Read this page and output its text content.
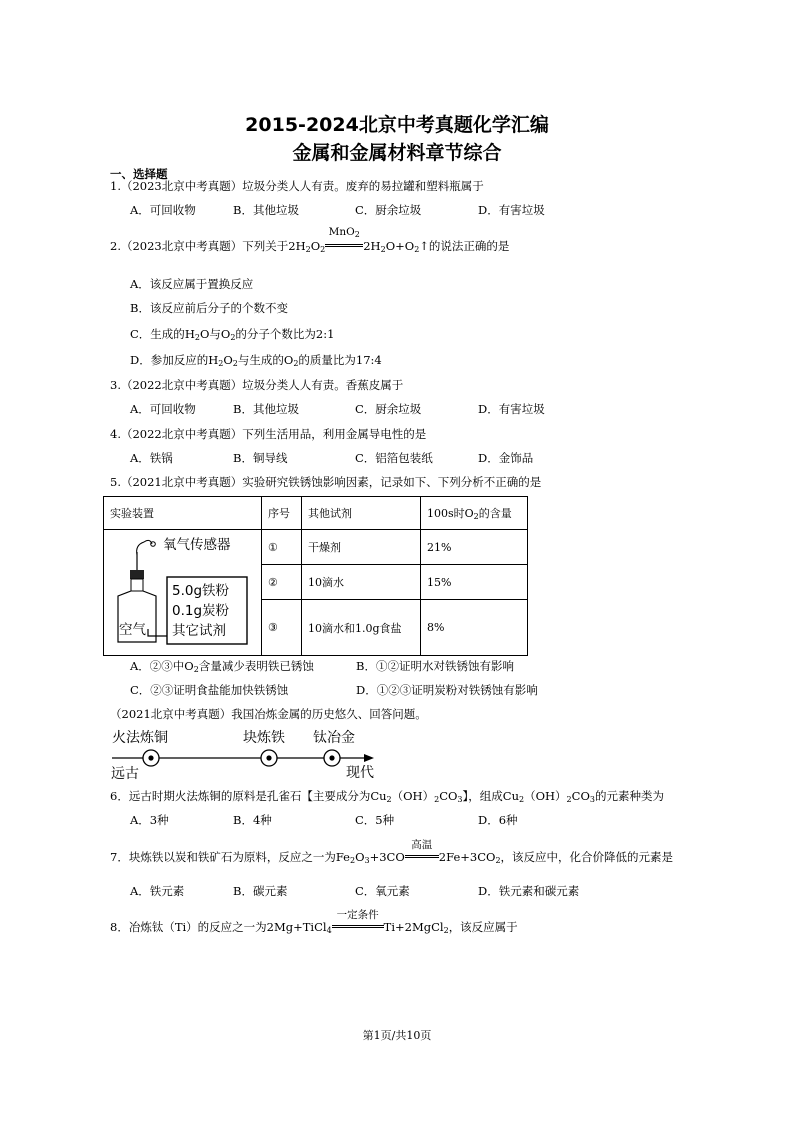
2015-2024北京中考真题化学汇编
金属和金属材料章节综合
一、选择题
1.（2023北京中考真题）垃圾分类人人有责。废弃的易拉罐和塑料瓶属于
A．可回收物	B．其他垃圾	C．厨余垃圾	D．有害垃圾
2.（2023北京中考真题）下列关于$2H_2O_2$
MnO$_2$
$2H_2O+O_2↑$的说法正确的是
A．该反应属于置换反应
B．该反应前后分子的个数不变
C．生成的$H_2O$与$O_2$的分子个数比为2:1
D．参加反应的$H_2O_2$与生成的$O_2$的质量比为17:4
3.（2022北京中考真题）垃圾分类人人有责。香蕉皮属于
A．可回收物	B．其他垃圾	C．厨余垃圾	D．有害垃圾
4.（2022北京中考真题）下列生活用品，利用金属导电性的是
A．铁锅	B．铜导线	C．铝箔包装纸	D．金饰品
5.（2021北京中考真题）实验研究铁锈蚀影响因素，记录如下、下列分析不正确的是
实验装置	序号	其他试剂	100s时$O_2$的含量

氧气传感器
5.0g铁粉
0.1g炭粉
其它试剂
空气	①	干燥剂	21%
	②	10滴水	15%
	③	10滴水和1.0g食盐	8%
A．②③中$O_2$含量减少表明铁已锈蚀	B．①②证明水对铁锈蚀有影响
C．②③证明食盐能加快铁锈蚀	D．①②③证明炭粉对铁锈蚀有影响
（2021北京中考真题）我国冶炼金属的历史悠久、回答问题。
火法炼铜	块炼铁 钛冶金
远古	现代
6．远古时期火法炼铜的原料是孔雀石【主要成分为$Cu_2(OH)_2CO_3$】，组成$Cu_2(OH)_2CO_3$的元素种类为
A．3种	B．4种	C．5种	D．6种
7．块炼铁以炭和铁矿石为原料，反应之一为$Fe_2O_3+3CO$
高温
$2Fe+3CO_2$，该反应中，化合价降低的元素是
A．铁元素	B．碳元素	C．氧元素	D．铁元素和碳元素
8．冶炼钛（Ti）的反应之一为2Mg+TiCl$_4$
一定条件
Ti+2MgCl$_2$，该反应属于
第1页/共10页
